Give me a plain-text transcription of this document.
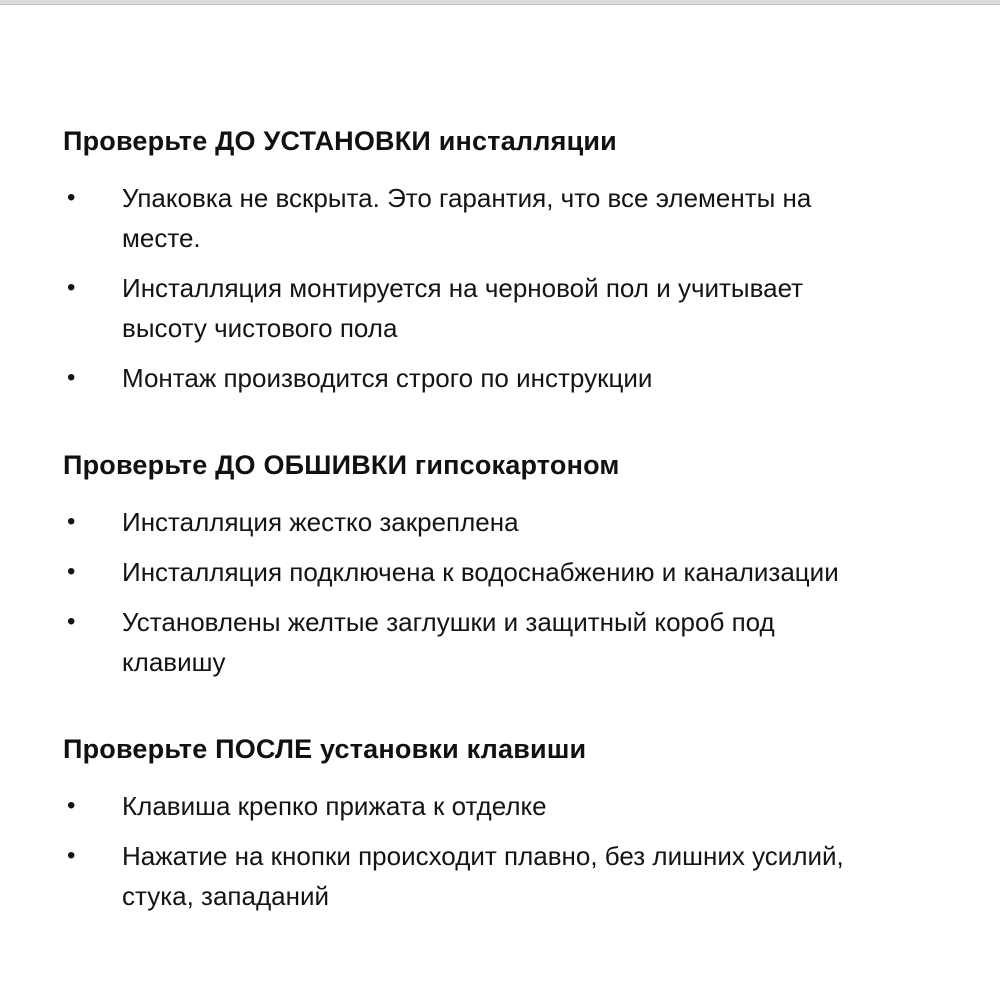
Проверьте ДО УСТАНОВКИ инсталляции
•	Упаковка не вскрыта. Это гарантия, что все элементы на
месте.
•	Инсталляция монтируется на черновой пол и учитывает
высоту чистового пола
•	Монтаж производится строго по инструкции
Проверьте ДО ОБШИВКИ гипсокартоном
•	Инсталляция жестко закреплена
•	Инсталляция подключена к водоснабжению и канализации
•	Установлены желтые заглушки и защитный короб под
клавишу
Проверьте ПОСЛЕ установки клавиши
•	Клавиша крепко прижата к отделке
•	Нажатие на кнопки происходит плавно, без лишних усилий,
стука, западаний
